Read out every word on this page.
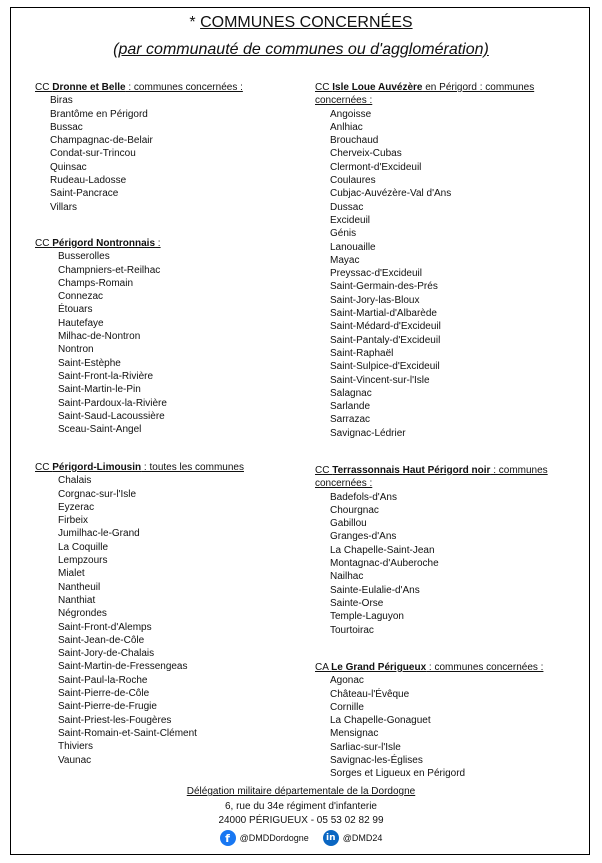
* COMMUNES CONCERNÉES
(par communauté de communes ou d'agglomération)
CC Dronne et Belle : communes concernées :
Biras
Brantôme en Périgord
Bussac
Champagnac-de-Belair
Condat-sur-Trincou
Quinsac
Rudeau-Ladosse
Saint-Pancrace
Villars
CC Périgord Nontronnais :
Busserolles
Champniers-et-Reilhac
Champs-Romain
Connezac
Étouars
Hautefaye
Milhac-de-Nontron
Nontron
Saint-Estèphe
Saint-Front-la-Rivière
Saint-Martin-le-Pin
Saint-Pardoux-la-Rivière
Saint-Saud-Lacoussière
Sceau-Saint-Angel
CC Périgord-Limousin : toutes les communes
Chalais
Corgnac-sur-l'Isle
Eyzerac
Firbeix
Jumilhac-le-Grand
La Coquille
Lempzours
Mialet
Nantheuil
Nanthiat
Négrondes
Saint-Front-d'Alemps
Saint-Jean-de-Côle
Saint-Jory-de-Chalais
Saint-Martin-de-Fressengeas
Saint-Paul-la-Roche
Saint-Pierre-de-Côle
Saint-Pierre-de-Frugie
Saint-Priest-les-Fougères
Saint-Romain-et-Saint-Clément
Thiviers
Vaunac
CC Isle Loue Auvézère en Périgord : communes concernées :
Angoisse
Anlhiac
Brouchaud
Cherveix-Cubas
Clermont-d'Excideuil
Coulaures
Cubjac-Auvézère-Val d'Ans
Dussac
Excideuil
Génis
Lanouaille
Mayac
Preyssac-d'Excideuil
Saint-Germain-des-Prés
Saint-Jory-las-Bloux
Saint-Martial-d'Albarède
Saint-Médard-d'Excideuil
Saint-Pantaly-d'Excideuil
Saint-Raphaël
Saint-Sulpice-d'Excideuil
Saint-Vincent-sur-l'Isle
Salagnac
Sarlande
Sarrazac
Savignac-Lédrier
CC Terrassonnais Haut Périgord noir : communes concernées :
Badefols-d'Ans
Chourgnac
Gabillou
Granges-d'Ans
La Chapelle-Saint-Jean
Montagnac-d'Auberoche
Nailhac
Sainte-Eulalie-d'Ans
Sainte-Orse
Temple-Laguyon
Tourtoirac
CA Le Grand Périgueux : communes concernées :
Agonac
Château-l'Évêque
Cornille
La Chapelle-Gonaguet
Mensignac
Sarliac-sur-l'Isle
Savignac-les-Églises
Sorges et Ligueux en Périgord
Délégation militaire départementale de la Dordogne
6, rue du 34e régiment d'infanterie
24000 PÉRIGUEUX - 05 53 02 82 99
f	@DMDDordogne	in @DMD24
